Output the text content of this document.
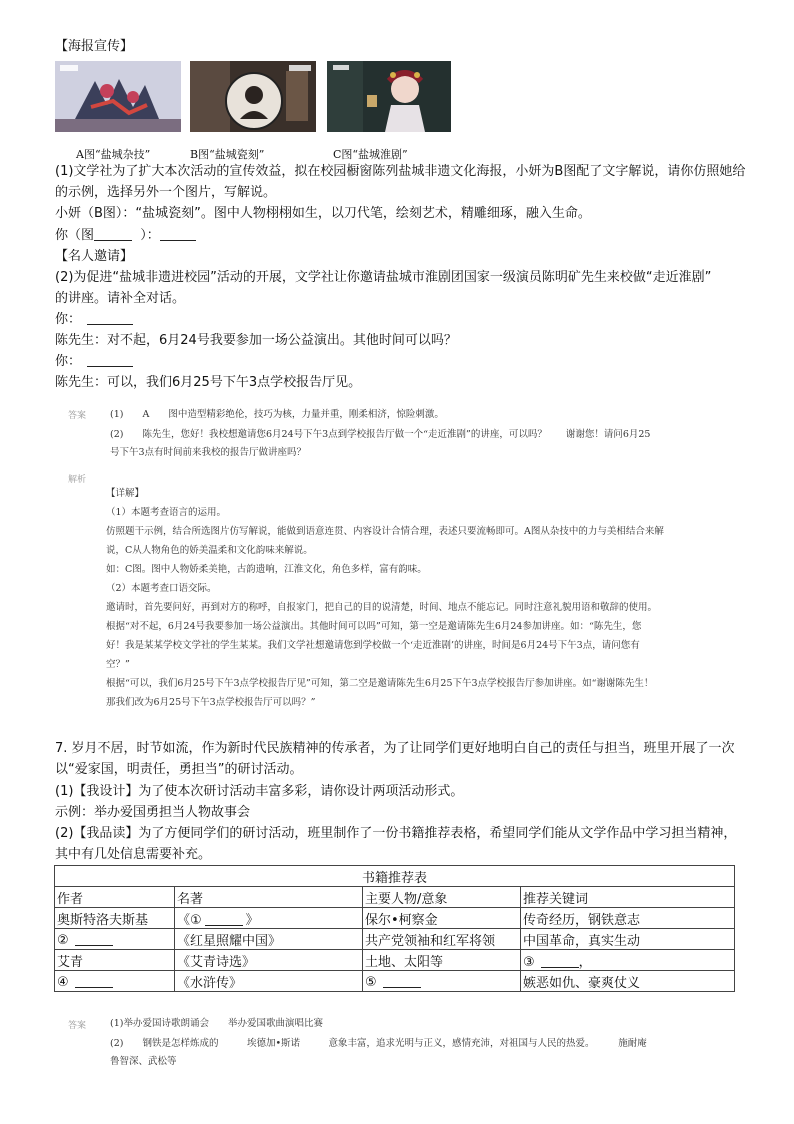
【海报宣传】
A图“盐城杂技”	B图“盐城瓷刻”	C图“盐城淮剧”
(1)文学社为了扩大本次活动的宣传效益，拟在校园橱窗陈列盐城非遗文化海报，小妍为B图配了文字解说，请你仿照她给
的示例，选择另外一个图片，写解说。
小妍（B图）：“盐城瓷刻”。图中人物栩栩如生，以刀代笔，绘刻艺术，精雕细琢，融入生命。
你（图	）：
【名人邀请】
(2)为促进“盐城非遗进校园”活动的开展，文学社让你邀请盐城市淮剧团国家一级演员陈明矿先生来校做“走近淮剧”
的讲座。请补全对话。
你：
陈先生：对不起，6月24号我要参加一场公益演出。其他时间可以吗？
你：
陈先生：可以，我们6月25号下午3点学校报告厅见。
答案	(1)　　A　　图中造型精彩绝伦，技巧为核，力量并重，刚柔相济，惊险刺激。
(2)　　陈先生，您好！我校想邀请您6月24号下午3点到学校报告厅做一个“走近淮剧”的讲座，可以吗？　　谢谢您！请问6月25
号下午3点有时间前来我校的报告厅做讲座吗？
解析
【详解】
（1）本题考查语言的运用。
仿照题干示例，结合所选图片仿写解说，能做到语意连贯、内容设计合情合理，表述只要流畅即可。A图从杂技中的力与美相结合来解
说，C从人物角色的娇美温柔和文化韵味来解说。
如：C图。图中人物娇柔美艳，古韵遗响，江淮文化，角色多样，富有韵味。
（2）本题考查口语交际。
邀请时，首先要问好，再到对方的称呼，自报家门，把自己的目的说清楚，时间、地点不能忘记。同时注意礼貌用语和敬辞的使用。
根据“对不起，6月24号我要参加一场公益演出。其他时间可以吗”可知，第一空是邀请陈先生6月24参加讲座。如：“陈先生，您
好！我是某某学校文学社的学生某某。我们文学社想邀请您到学校做一个‘走近淮剧’的讲座，时间是6月24号下午3点，请问您有
空？”
根据“可以，我们6月25号下午3点学校报告厅见”可知，第二空是邀请陈先生6月25下午3点学校报告厅参加讲座。如“谢谢陈先生！
那我们改为6月25号下午3点学校报告厅可以吗？”
7. 岁月不居，时节如流，作为新时代民族精神的传承者，为了让同学们更好地明白自己的责任与担当，班里开展了一次
以“爱家国，明责任，勇担当”的研讨活动。
(1)【我设计】为了使本次研讨活动丰富多彩，请你设计两项活动形式。
示例：举办爱国勇担当人物故事会
(2)【我品读】为了方便同学们的研讨活动，班里制作了一份书籍推荐表格，希望同学们能从文学作品中学习担当精神，
其中有几处信息需要补充。
书籍推荐表			
作者	名著	主要人物/意象	推荐关键词
奥斯特洛夫斯基	《① 》	保尔•柯察金	传奇经历，钢铁意志
②	《红星照耀中国》	共产党领袖和红军将领	中国革命，真实生动
艾青	《艾青诗选》	土地、太阳等	③ ，
④	《水浒传》	⑤	嫉恶如仇、豪爽仗义
答案	(1)举办爱国诗歌朗诵会　　举办爱国歌曲演唱比赛
(2)　　钢铁是怎样炼成的　　　埃德加•斯诺　　　意象丰富，追求光明与正义，感情充沛，对祖国与人民的热爱。　　　施耐庵
鲁智深、武松等
